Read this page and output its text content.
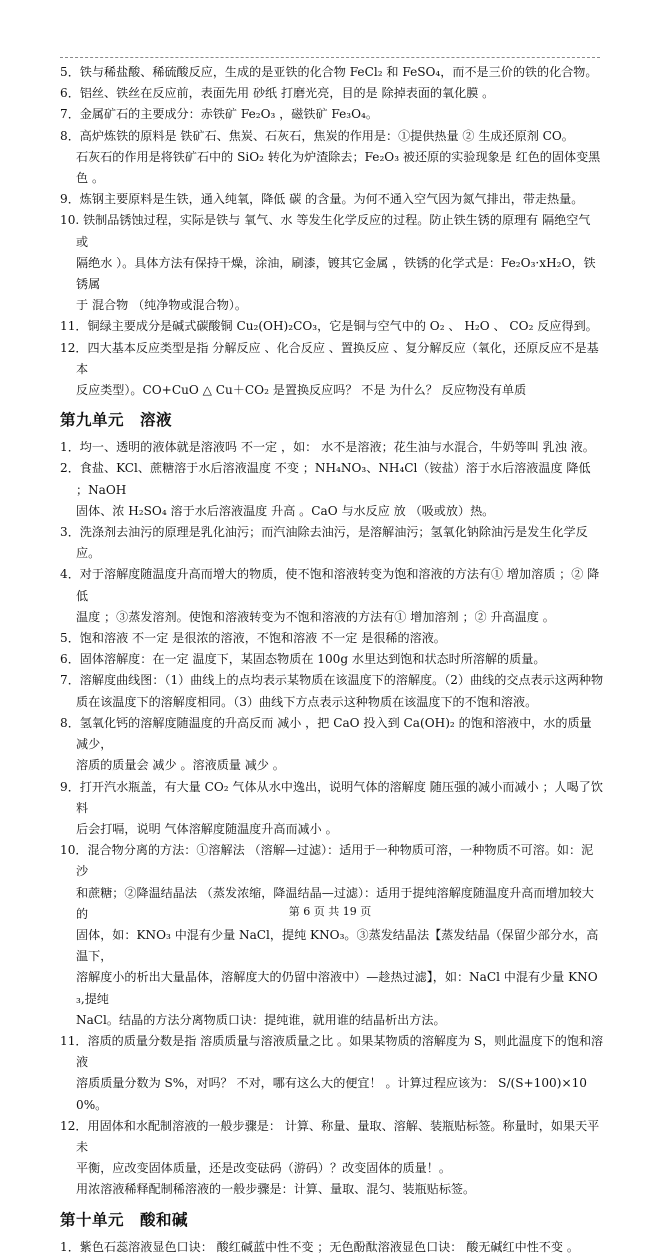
5．铁与稀盐酸、稀硫酸反应，生成的是亚铁的化合物 FeCl₂ 和 FeSO₄，而不是三价的铁的化合物。

6．铝丝、铁丝在反应前，表面先用 砂纸 打磨光亮，目的是 除掉表面的氧化膜 。

7．金属矿石的主要成分：赤铁矿 Fe₂O₃ ，磁铁矿 Fe₃O₄。

8．高炉炼铁的原料是 铁矿石、焦炭、石灰石，焦炭的作用是：①提供热量 ② 生成还原剂 CO。

石灰石的作用是将铁矿石中的 SiO₂ 转化为炉渣除去；Fe₂O₃ 被还原的实验现象是 红色的固体变黑色 。

9．炼钢主要原料是生铁，通入纯氧，降低 碳 的含量。为何不通入空气因为氮气排出，带走热量。

10. 铁制品锈蚀过程，实际是铁与 氧气、水 等发生化学反应的过程。防止铁生锈的原理有 隔绝空气 或

隔绝水 ）。具体方法有保持干燥，涂油，刷漆，镀其它金属 ，铁锈的化学式是：Fe₂O₃·xH₂O，铁锈属

于 混合物 （纯净物或混合物）。

11．铜绿主要成分是碱式碳酸铜 Cu₂(OH)₂CO₃，它是铜与空气中的 O₂ 、 H₂O 、 CO₂ 反应得到。

12．四大基本反应类型是指 分解反应 、化合反应 、置换反应 、复分解反应（氧化，还原反应不是基本

反应类型）。CO+CuO △ Cu＋CO₂ 是置换反应吗？ 不是 为什么？ 反应物没有单质

第九单元　溶液

1．均一、透明的液体就是溶液吗 不一定 ，如： 水不是溶液；花生油与水混合，牛奶等叫 乳浊 液。

2．食盐、KCl、蔗糖溶于水后溶液温度 不变 ；NH₄NO₃、NH₄Cl（铵盐）溶于水后溶液温度 降低 ；NaOH

固体、浓 H₂SO₄ 溶于水后溶液温度 升高 。CaO 与水反应 放 （吸或放）热。

3．洗涤剂去油污的原理是乳化油污；而汽油除去油污，是溶解油污；氢氧化钠除油污是发生化学反应。

4．对于溶解度随温度升高而增大的物质，使不饱和溶液转变为饱和溶液的方法有① 增加溶质 ；② 降低

温度 ；③蒸发溶剂。使饱和溶液转变为不饱和溶液的方法有① 增加溶剂 ；② 升高温度 。

5．饱和溶液 不一定 是很浓的溶液，不饱和溶液 不一定 是很稀的溶液。

6．固体溶解度：在一定 温度下，某固态物质在 100g 水里达到饱和状态时所溶解的质量。

7．溶解度曲线图：（1）曲线上的点均表示某物质在该温度下的溶解度。（2）曲线的交点表示这两种物

质在该温度下的溶解度相同。（3）曲线下方点表示这种物质在该温度下的不饱和溶液。

8．氢氧化钙的溶解度随温度的升高反而 减小 ，把 CaO 投入到 Ca(OH)₂ 的饱和溶液中，水的质量 减少，

溶质的质量会 减少 。溶液质量 减少 。

9．打开汽水瓶盖，有大量 CO₂ 气体从水中逸出，说明气体的溶解度 随压强的减小而减小 ；人喝了饮料

后会打嗝，说明 气体溶解度随温度升高而减小 。

10．混合物分离的方法：①溶解法 （溶解—过滤）：适用于一种物质可溶，一种物质不可溶。如：泥沙

和蔗糖；②降温结晶法 （蒸发浓缩，降温结晶—过滤）：适用于提纯溶解度随温度升高而增加较大的

固体，如：KNO₃ 中混有少量 NaCl，提纯 KNO₃。③蒸发结晶法【蒸发结晶（保留少部分水，高温下，

溶解度小的析出大量晶体，溶解度大的仍留中溶液中）—趁热过滤】，如：NaCl 中混有少量 KNO₃,提纯

NaCl。结晶的方法分离物质口诀：提纯谁，就用谁的结晶析出方法。

11．溶质的质量分数是指 溶质质量与溶液质量之比 。如果某物质的溶解度为 S，则此温度下的饱和溶液

溶质质量分数为 S%，对吗？ 不对，哪有这么大的便宜！ 。计算过程应该为： S/(S+100)×100%。

12．用固体和水配制溶液的一般步骤是： 计算、称量、量取、溶解、装瓶贴标签。称量时，如果天平未

平衡，应改变固体质量，还是改变砝码（游码）？改变固体的质量！。

用浓溶液稀释配制稀溶液的一般步骤是：计算、量取、混匀、装瓶贴标签。

第十单元　酸和碱

1．紫色石蕊溶液显色口诀： 酸红碱蓝中性不变 ；无色酚酞溶液显色口诀： 酸无碱红中性不变 。

第 6 页 共 19 页
